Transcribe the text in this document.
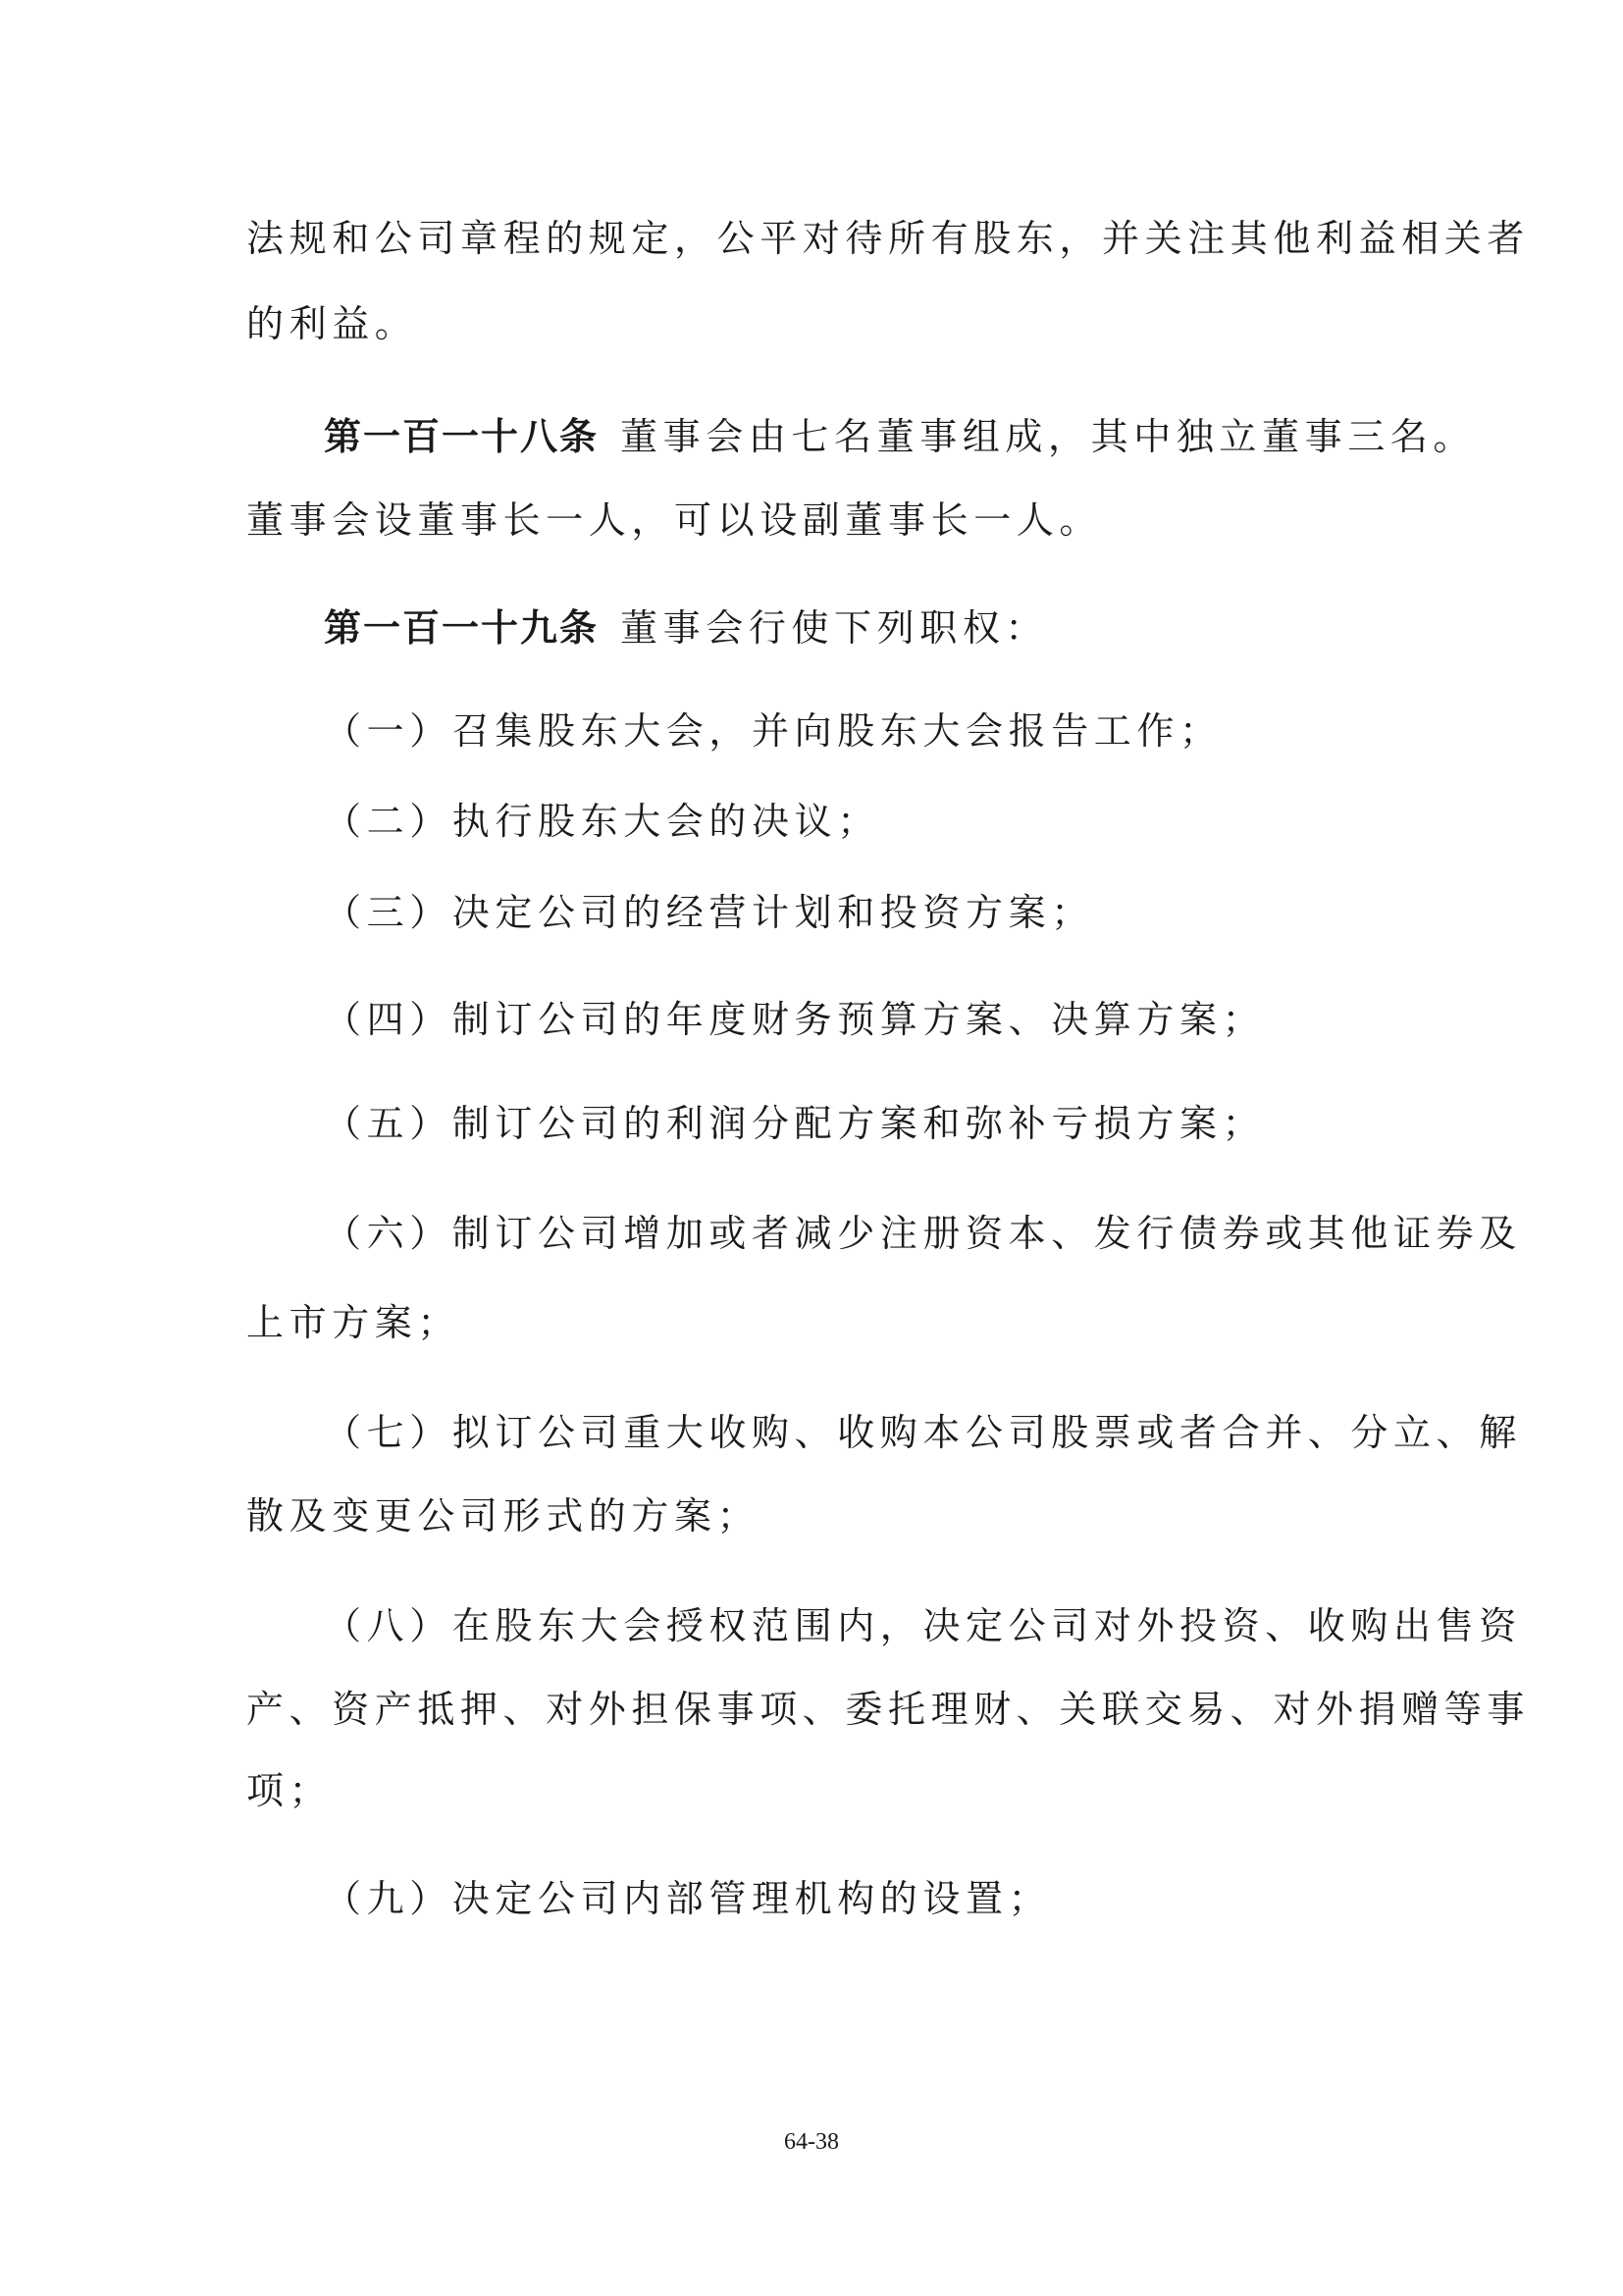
法规和公司章程的规定，公平对待所有股东，并关注其他利益相关者
的利益。
第一百一十八条 董事会由七名董事组成，其中独立董事三名。
董事会设董事长一人，可以设副董事长一人。
第一百一十九条 董事会行使下列职权：
（一）召集股东大会，并向股东大会报告工作；
（二）执行股东大会的决议；
（三）决定公司的经营计划和投资方案；
（四）制订公司的年度财务预算方案、决算方案；
（五）制订公司的利润分配方案和弥补亏损方案；
（六）制订公司增加或者减少注册资本、发行债券或其他证券及
上市方案；
（七）拟订公司重大收购、收购本公司股票或者合并、分立、解
散及变更公司形式的方案；
（八）在股东大会授权范围内，决定公司对外投资、收购出售资
产、资产抵押、对外担保事项、委托理财、关联交易、对外捐赠等事
项；
（九）决定公司内部管理机构的设置；
64-38
